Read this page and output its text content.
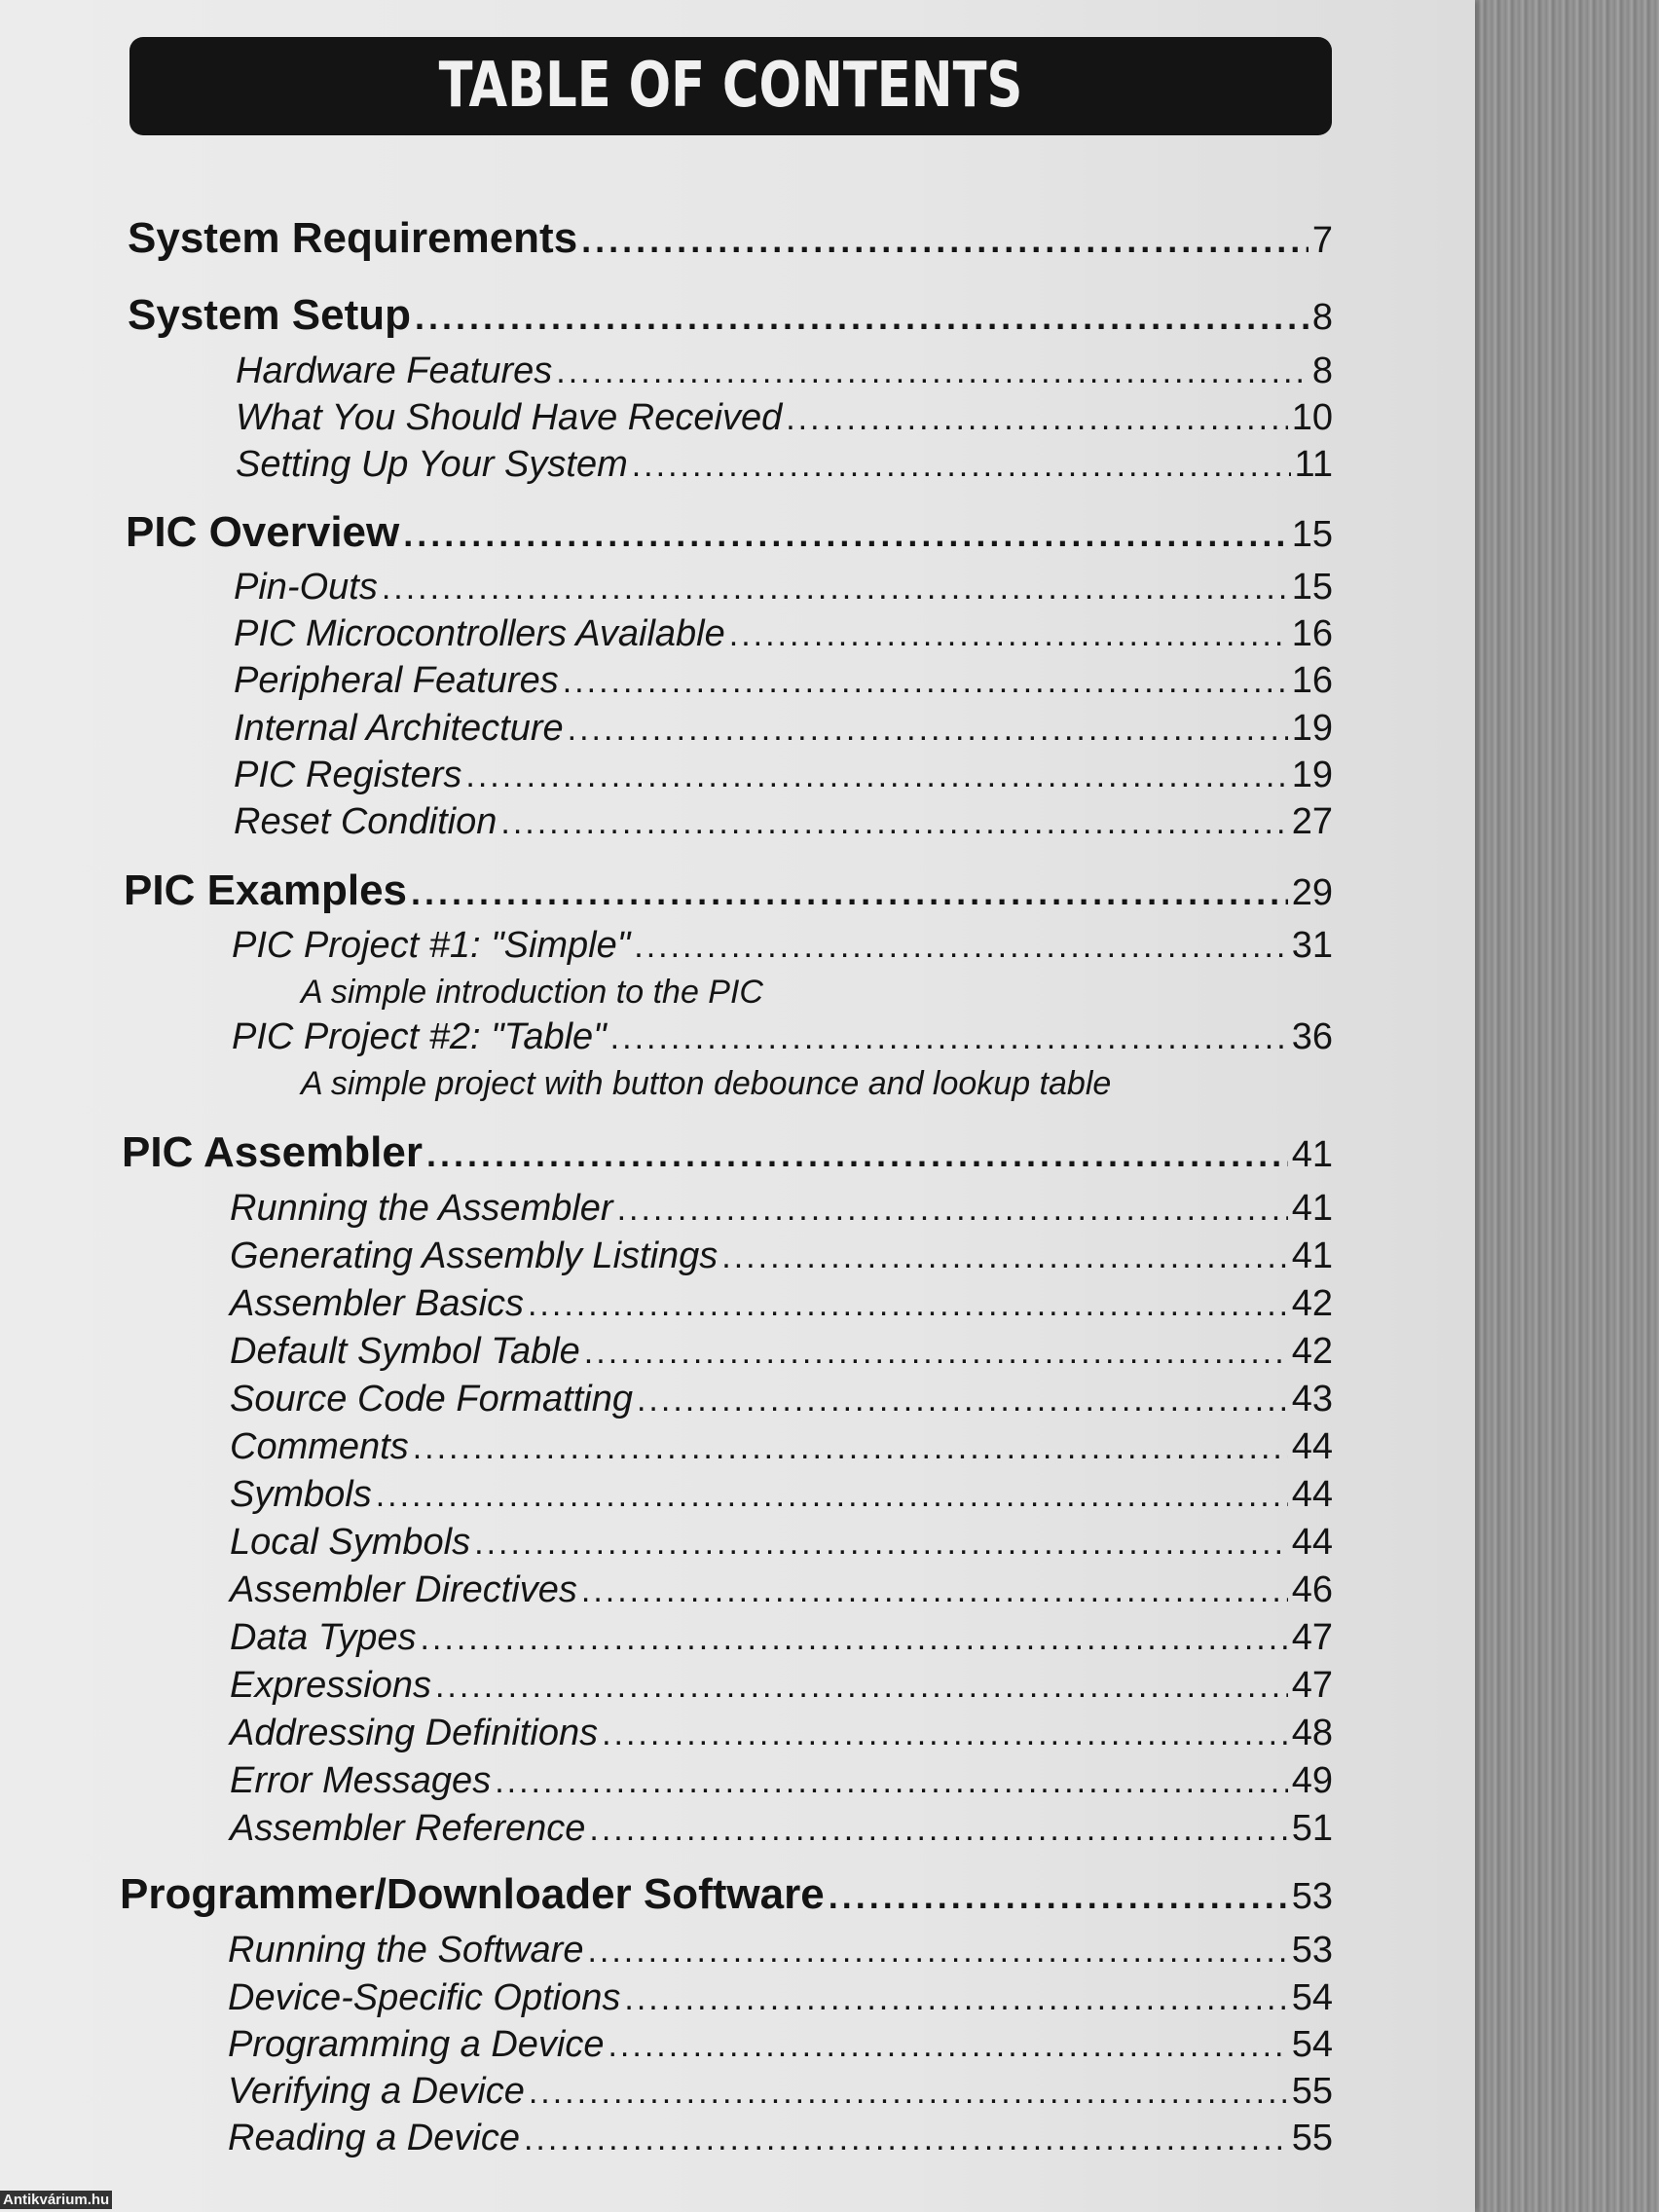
TABLE OF CONTENTS
System Requirements .....	7
System Setup .....	8
Hardware Features .....	8
What You Should Have Received .....	10
Setting Up Your System .....	11
PIC Overview .....	15
Pin-Outs .....	15
PIC Microcontrollers Available .....	16
Peripheral Features .....	16
Internal Architecture .....	19
PIC Registers .....	19
Reset Condition .....	27
PIC Examples .....	29
PIC Project #1: "Simple" .....	31
A simple introduction to the PIC
PIC Project #2: "Table" .....	36
A simple project with button debounce and lookup table
PIC Assembler .....	41
Running the Assembler .....	41
Generating Assembly Listings .....	41
Assembler Basics .....	42
Default Symbol Table .....	42
Source Code Formatting .....	43
Comments .....	44
Symbols .....	44
Local Symbols .....	44
Assembler Directives .....	46
Data Types .....	47
Expressions .....	47
Addressing Definitions .....	48
Error Messages .....	49
Assembler Reference .....	51
Programmer/Downloader Software .....	53
Running the Software .....	53
Device-Specific Options .....	54
Programming a Device .....	54
Verifying a Device .....	55
Reading a Device .....	55
Antikvárium.hu
